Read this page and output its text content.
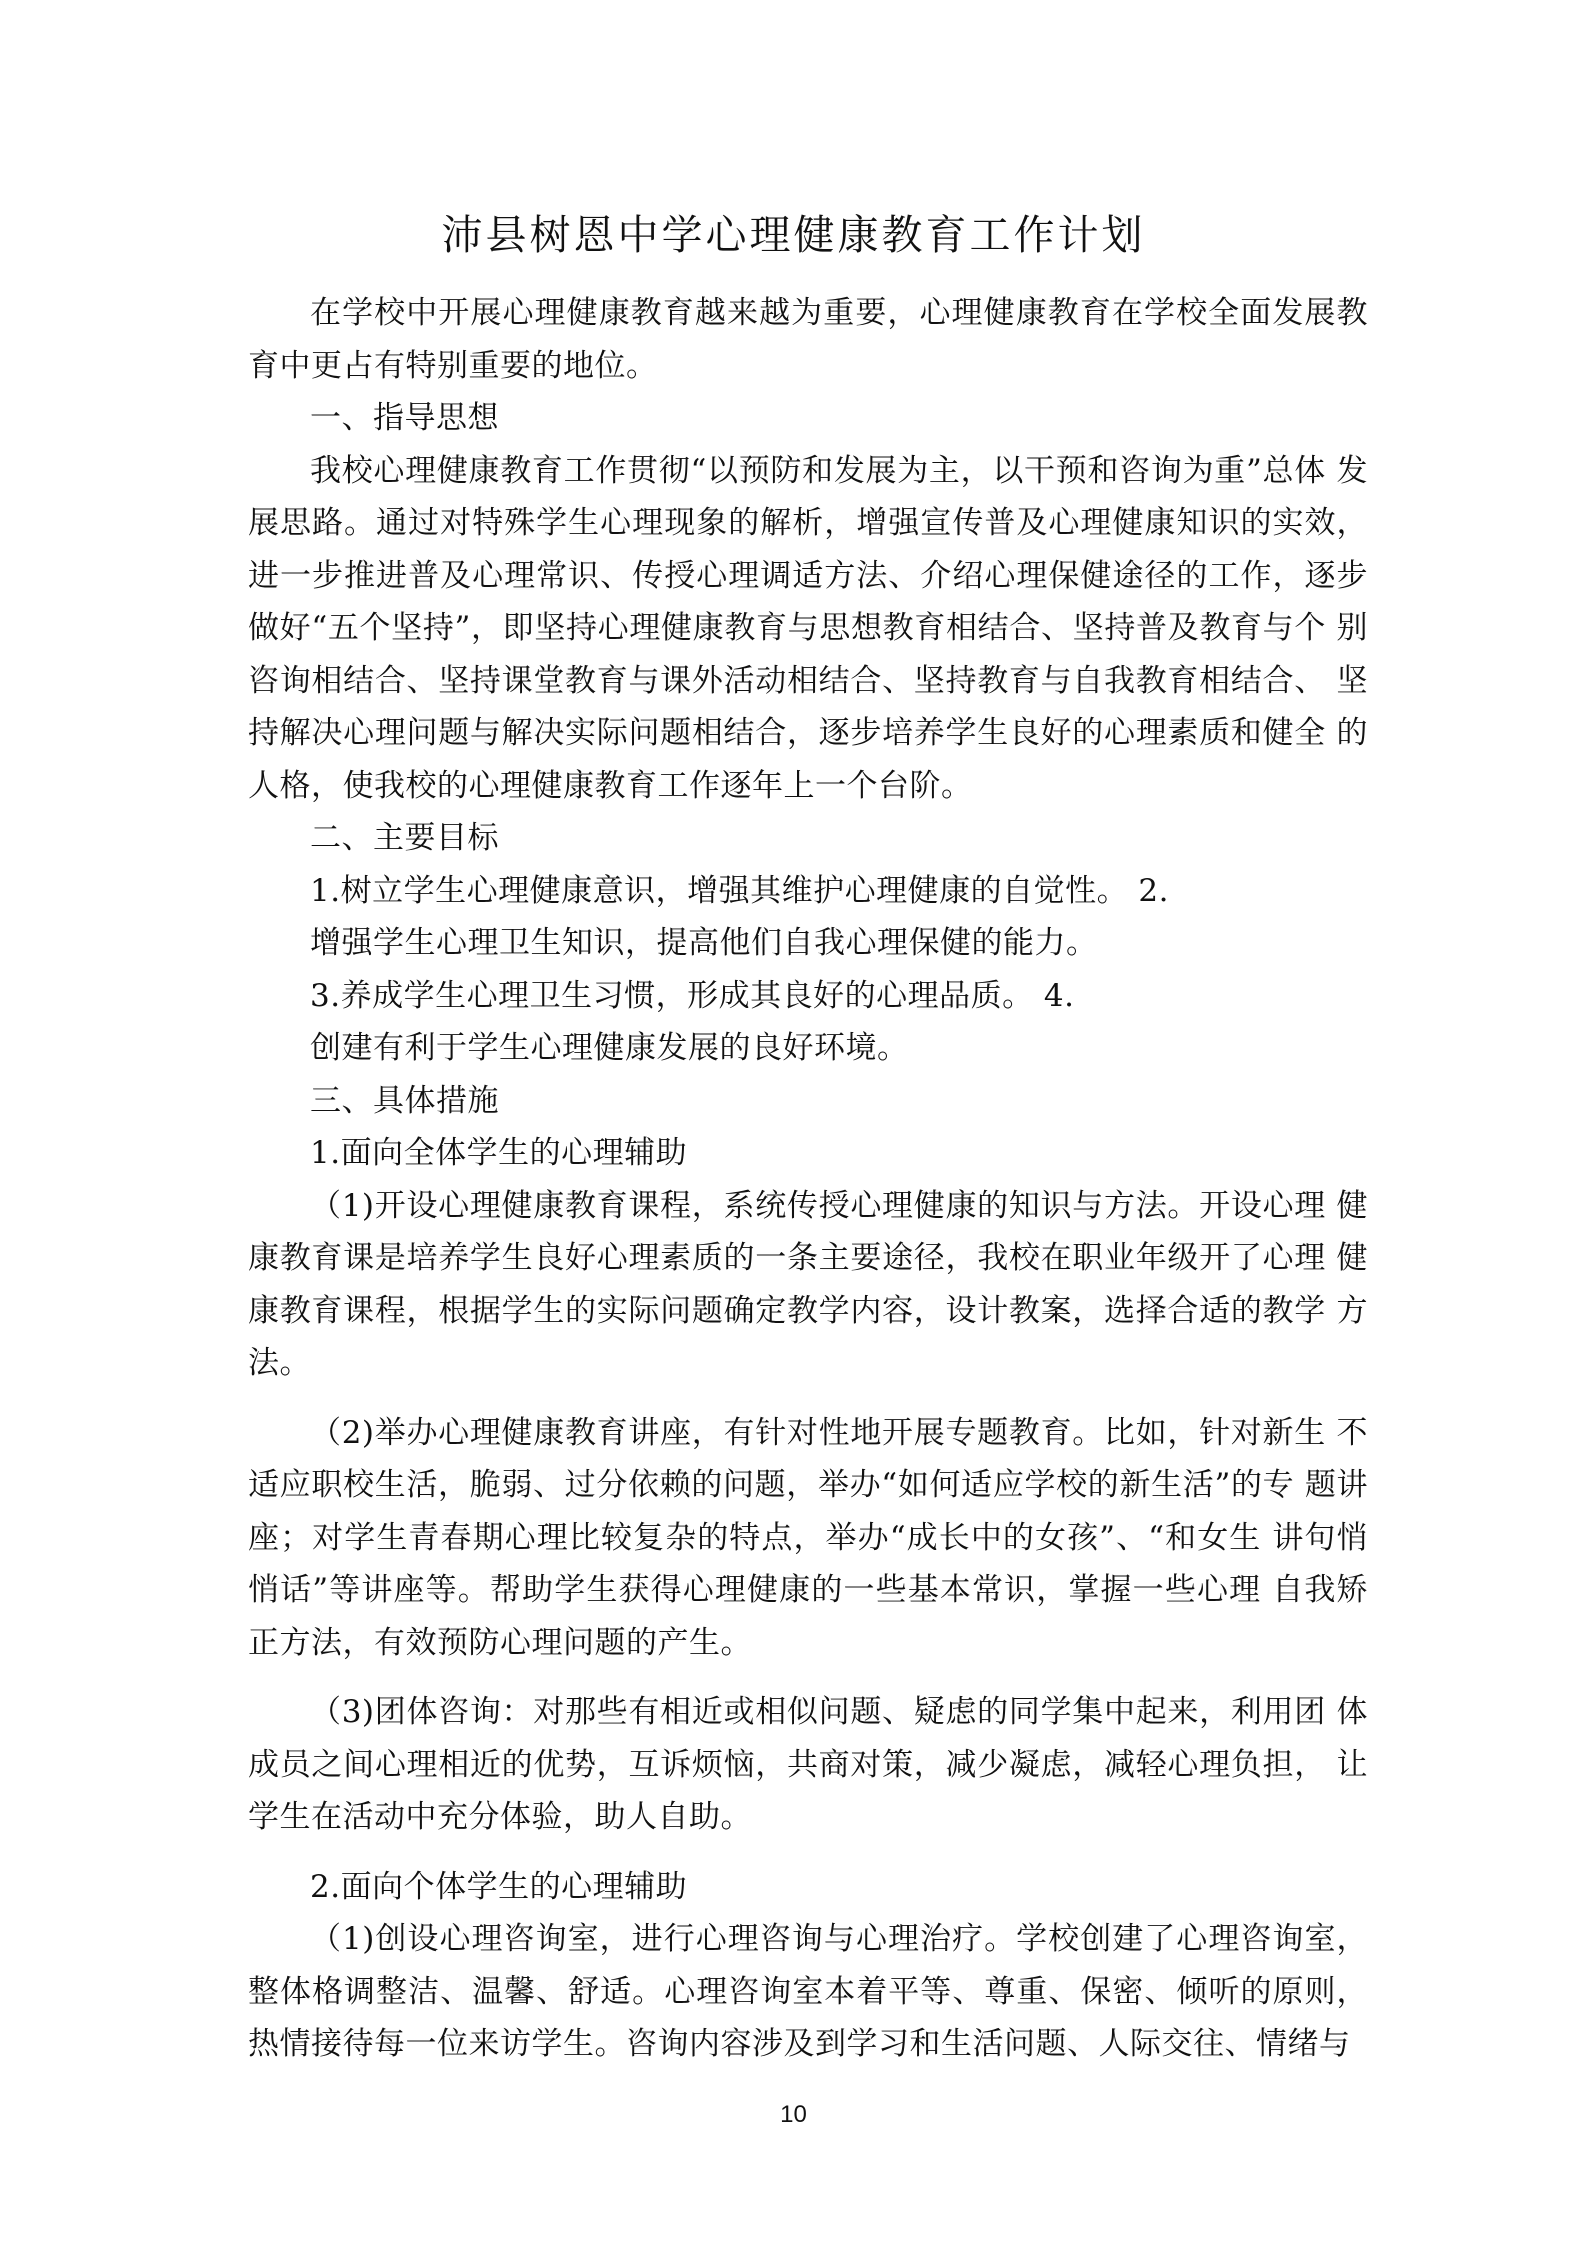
沛县树恩中学心理健康教育工作计划

在学校中开展心理健康教育越来越为重要，心理健康教育在学校全面发展教育中更占有特别重要的地位。

一、指导思想

我校心理健康教育工作贯彻“以预防和发展为主，以干预和咨询为重”总体 发展思路。通过对特殊学生心理现象的解析，增强宣传普及心理健康知识的实效， 进一步推进普及心理常识、传授心理调适方法、介绍心理保健途径的工作，逐步 做好“五个坚持”，即坚持心理健康教育与思想教育相结合、坚持普及教育与个 别咨询相结合、坚持课堂教育与课外活动相结合、坚持教育与自我教育相结合、 坚持解决心理问题与解决实际问题相结合，逐步培养学生良好的心理素质和健全 的人格，使我校的心理健康教育工作逐年上一个台阶。

二、主要目标

1.树立学生心理健康意识，增强其维护心理健康的自觉性。 2.

增强学生心理卫生知识，提高他们自我心理保健的能力。

3.养成学生心理卫生习惯，形成其良好的心理品质。 4.

创建有利于学生心理健康发展的良好环境。

三、具体措施

1.面向全体学生的心理辅助

（1)开设心理健康教育课程，系统传授心理健康的知识与方法。开设心理 健康教育课是培养学生良好心理素质的一条主要途径，我校在职业年级开了心理 健康教育课程，根据学生的实际问题确定教学内容，设计教案，选择合适的教学 方法。

（2)举办心理健康教育讲座，有针对性地开展专题教育。比如，针对新生 不适应职校生活，脆弱、过分依赖的问题，举办“如何适应学校的新生活”的专 题讲座；对学生青春期心理比较复杂的特点，举办“成长中的女孩”、“和女生 讲句悄悄话”等讲座等。帮助学生获得心理健康的一些基本常识，掌握一些心理 自我矫正方法，有效预防心理问题的产生。

（3)团体咨询：对那些有相近或相似问题、疑虑的同学集中起来，利用团 体成员之间心理相近的优势，互诉烦恼，共商对策，减少凝虑，减轻心理负担， 让学生在活动中充分体验，助人自助。

2.面向个体学生的心理辅助

（1)创设心理咨询室，进行心理咨询与心理治疗。学校创建了心理咨询室， 整体格调整洁、温馨、舒适。心理咨询室本着平等、尊重、保密、倾听的原则， 热情接待每一位来访学生。咨询内容涉及到学习和生活问题、人际交往、情绪与

10
